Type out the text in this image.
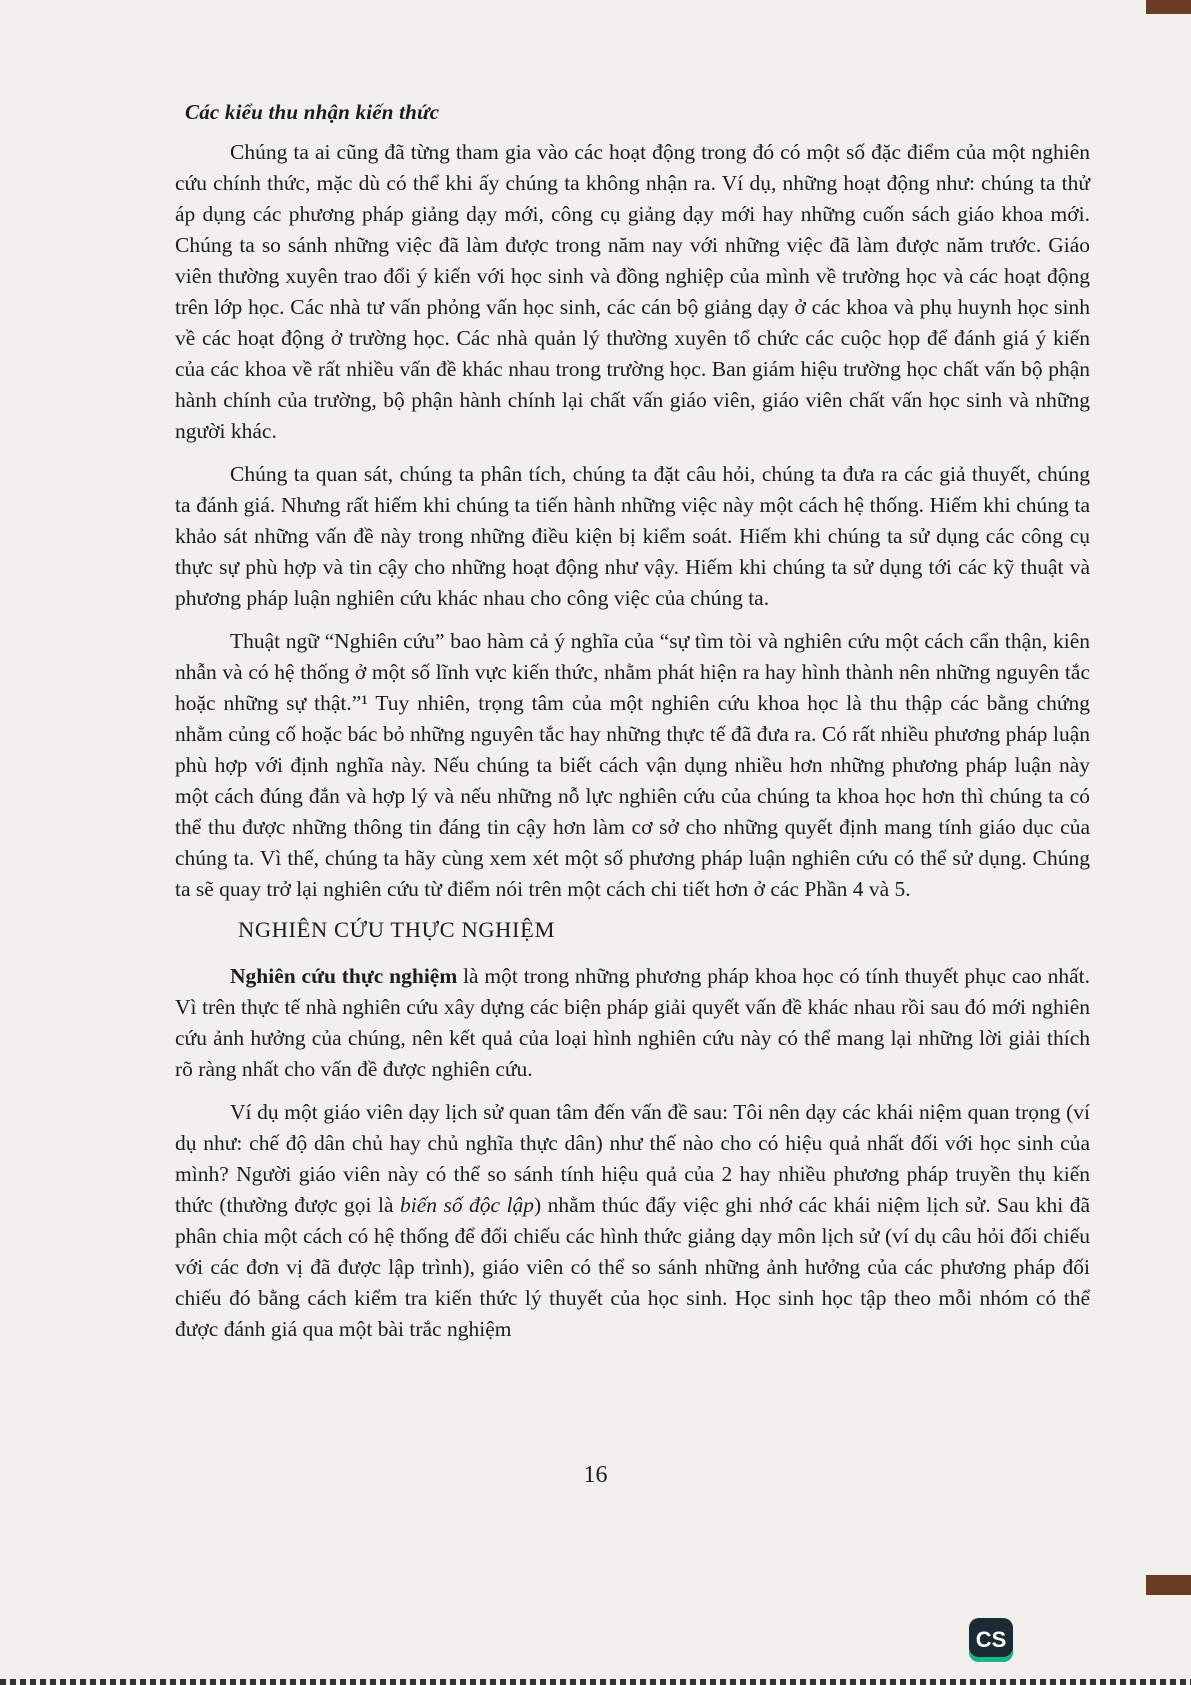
Các kiểu thu nhận kiến thức

Chúng ta ai cũng đã từng tham gia vào các hoạt động trong đó có một số đặc điểm của một nghiên cứu chính thức, mặc dù có thể khi ấy chúng ta không nhận ra. Ví dụ, những hoạt động như: chúng ta thử áp dụng các phương pháp giảng dạy mới, công cụ giảng dạy mới hay những cuốn sách giáo khoa mới. Chúng ta so sánh những việc đã làm được trong năm nay với những việc đã làm được năm trước. Giáo viên thường xuyên trao đổi ý kiến với học sinh và đồng nghiệp của mình về trường học và các hoạt động trên lớp học. Các nhà tư vấn phỏng vấn học sinh, các cán bộ giảng dạy ở các khoa và phụ huynh học sinh về các hoạt động ở trường học. Các nhà quản lý thường xuyên tổ chức các cuộc họp để đánh giá ý kiến của các khoa về rất nhiều vấn đề khác nhau trong trường học. Ban giám hiệu trường học chất vấn bộ phận hành chính của trường, bộ phận hành chính lại chất vấn giáo viên, giáo viên chất vấn học sinh và những người khác.

Chúng ta quan sát, chúng ta phân tích, chúng ta đặt câu hỏi, chúng ta đưa ra các giả thuyết, chúng ta đánh giá. Nhưng rất hiếm khi chúng ta tiến hành những việc này một cách hệ thống. Hiếm khi chúng ta khảo sát những vấn đề này trong những điều kiện bị kiểm soát. Hiếm khi chúng ta sử dụng các công cụ thực sự phù hợp và tin cậy cho những hoạt động như vậy. Hiếm khi chúng ta sử dụng tới các kỹ thuật và phương pháp luận nghiên cứu khác nhau cho công việc của chúng ta.

Thuật ngữ “Nghiên cứu” bao hàm cả ý nghĩa của “sự tìm tòi và nghiên cứu một cách cẩn thận, kiên nhẫn và có hệ thống ở một số lĩnh vực kiến thức, nhằm phát hiện ra hay hình thành nên những nguyên tắc hoặc những sự thật.”¹ Tuy nhiên, trọng tâm của một nghiên cứu khoa học là thu thập các bằng chứng nhằm củng cố hoặc bác bỏ những nguyên tắc hay những thực tế đã đưa ra. Có rất nhiều phương pháp luận phù hợp với định nghĩa này. Nếu chúng ta biết cách vận dụng nhiều hơn những phương pháp luận này một cách đúng đắn và hợp lý và nếu những nỗ lực nghiên cứu của chúng ta khoa học hơn thì chúng ta có thể thu được những thông tin đáng tin cậy hơn làm cơ sở cho những quyết định mang tính giáo dục của chúng ta. Vì thế, chúng ta hãy cùng xem xét một số phương pháp luận nghiên cứu có thể sử dụng. Chúng ta sẽ quay trở lại nghiên cứu từ điểm nói trên một cách chi tiết hơn ở các Phần 4 và 5.

NGHIÊN CỨU THỰC NGHIỆM

Nghiên cứu thực nghiệm là một trong những phương pháp khoa học có tính thuyết phục cao nhất. Vì trên thực tế nhà nghiên cứu xây dựng các biện pháp giải quyết vấn đề khác nhau rồi sau đó mới nghiên cứu ảnh hưởng của chúng, nên kết quả của loại hình nghiên cứu này có thể mang lại những lời giải thích rõ ràng nhất cho vấn đề được nghiên cứu.

Ví dụ một giáo viên dạy lịch sử quan tâm đến vấn đề sau: Tôi nên dạy các khái niệm quan trọng (ví dụ như: chế độ dân chủ hay chủ nghĩa thực dân) như thế nào cho có hiệu quả nhất đối với học sinh của mình? Người giáo viên này có thể so sánh tính hiệu quả của 2 hay nhiều phương pháp truyền thụ kiến thức (thường được gọi là biến số độc lập) nhằm thúc đẩy việc ghi nhớ các khái niệm lịch sử. Sau khi đã phân chia một cách có hệ thống để đối chiếu các hình thức giảng dạy môn lịch sử (ví dụ câu hỏi đối chiếu với các đơn vị đã được lập trình), giáo viên có thể so sánh những ảnh hưởng của các phương pháp đối chiếu đó bằng cách kiểm tra kiến thức lý thuyết của học sinh. Học sinh học tập theo mỗi nhóm có thể được đánh giá qua một bài trắc nghiệm

16
CS
